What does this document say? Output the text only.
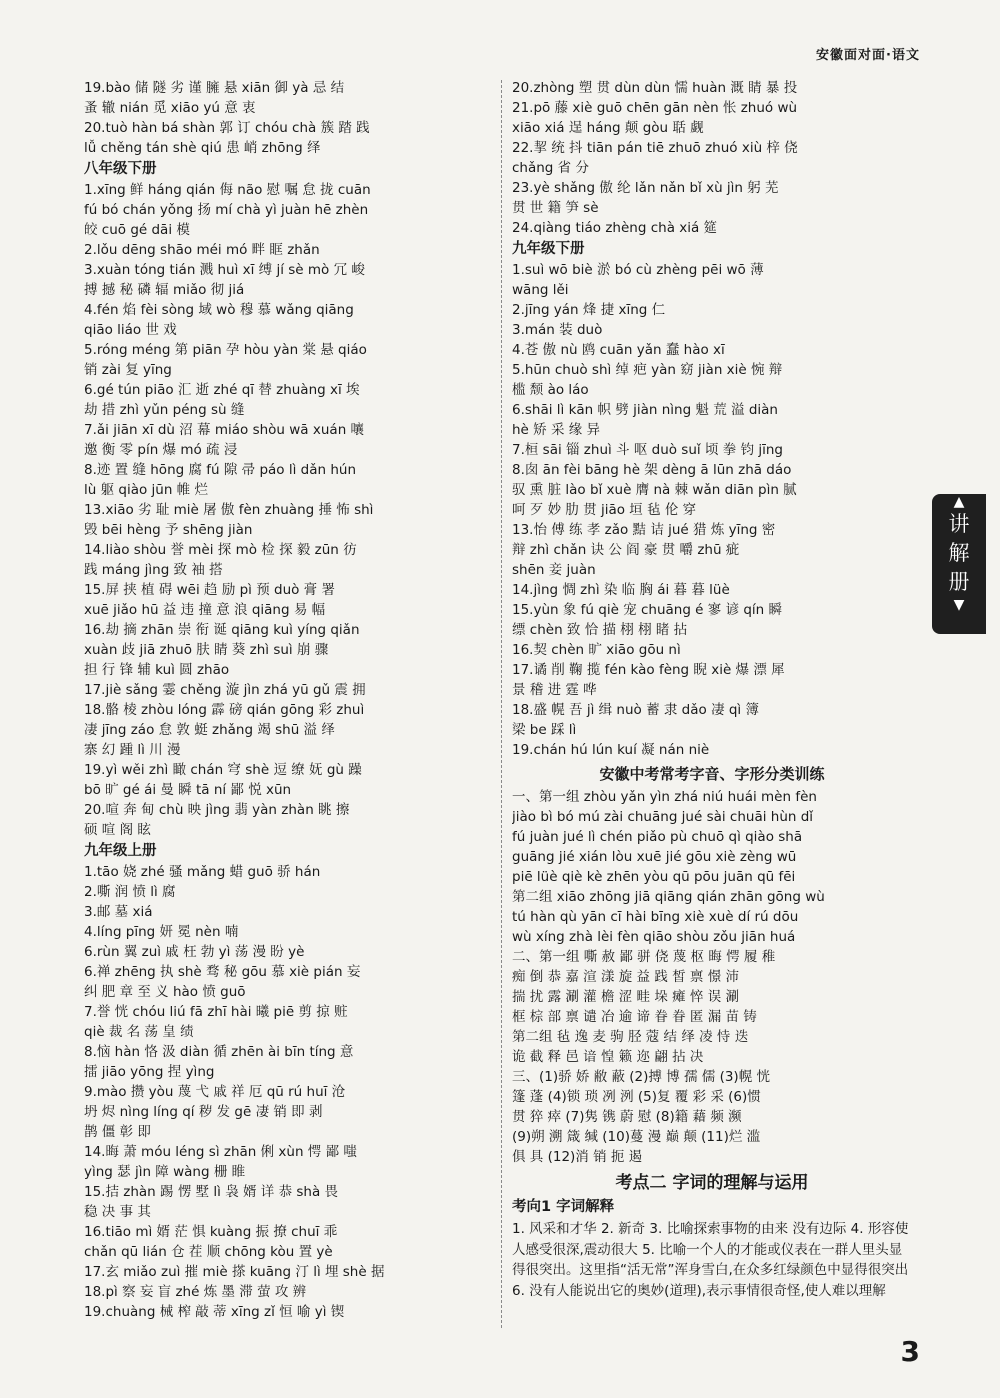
安徽面对面·语文
19.bào 储 隧 劣 谨 臃 悬 xiān 御 yà 忌 结
蚤 辙 nián 觅 xiāo yú 意 衷
20.tuò hàn bá shàn 郭 订 chóu chà 簇 踏 践
lǚ chěng tán shè qiú 患 峭 zhōng 绎
八年级下册
1.xīng 鲜 háng qián 侮 não 慰 嘱 怠 拢 cuān
fú bó chán yǒng 扬 mí chà yì juàn hē zhèn
皎 cuō gé dāi 模
2.lǒu dēng shāo méi mó 畔 眶 zhǎn
3.xuàn tóng tián 溅 huì xī 缚 jí sè mò 冗 峻
搏 撼 秘 磷 辐 miǎo 彻 jiá
4.fén 焰 fèi sòng 域 wò 穆 慕 wǎng qiāng
qiāo liáo 世 戏
5.róng méng 第 piān 孕 hòu yàn 棠 悬 qiáo
销 zài 复 yīng
6.gé tún piāo 汇 逝 zhé qī 替 zhuàng xī 埃
劫 措 zhì yǔn péng sù 缝
7.ǎi jiān xī dù 沼 幕 miáo shòu wā xuán 嚷
邀 衡 零 pín 爆 mó 疏 浸
8.迹 置 缝 hōng 腐 fú 隙 帚 páo lì dǎn hún
lù 躯 qiào jūn 帷 烂
13.xiāo 劣 耻 miè 屠 傲 fèn zhuàng 捶 怖 shì
毁 bēi hèng 予 shēng jiàn
14.liào shòu 誉 mèi 探 mò 检 探 毅 zūn 彷
践 máng jìng 致 袖 搭
15.屏 挟 植 碍 wēi 趋 励 pì 预 duò 膏 署
xuē jiǎo hū 益 违 撞 意 浪 qiāng 易 幅
16.劫 摘 zhān 崇 衔 诞 qiāng kuì yíng qiǎn
xuàn 歧 jiā zhuō 肤 睛 葵 zhì suì 崩 骤
担 行 锋 辅 kuì 圆 zhāo
17.jiè sǎng 霎 chěng 漩 jìn zhá yū gǔ 震 拥
18.骼 棱 zhòu lóng 霹 磅 qián gōng 彩 zhuì
凄 jīng záo 怠 敦 蜓 zhǎng 竭 shū 溢 绎
寨 幻 踵 lì 川 漫
19.yì wěi zhì 瞰 chán 穹 shè 逗 缭 妩 gù 躁
bō 旷 gé ái 曼 瞬 tā ní 鄙 悦 xūn
20.喧 奔 甸 chù 映 jìng 翡 yàn zhàn 眺 擦
硕 喧 阁 眩
九年级上册
1.tāo 娆 zhé 骚 mǎng 蜡 guō 骄 hán
2.嘶 润 愤 lì 腐
3.邮 墓 xiá
4.líng pīng 妍 冕 nèn 喃
6.rùn 翼 zuì 戚 枉 勃 yì 荡 漫 盼 yè
6.禅 zhēng 执 shè 骛 秘 gōu 慕 xiè pián 妄
纠 肥 章 至 义 hào 愤 guō
7.誉 恍 chóu liú fā zhī hài 曦 piē 剪 掠 赃
qiè 裁 名 荡 皇 绩
8.恼 hàn 恪 汲 diàn 循 zhēn ài bīn tíng 意
擂 jiāo yōng 捏 yìng
9.mào 攒 yòu 蔑 弋 戚 祥 厄 qū rú huī 沧
坍 烬 nìng líng qí 秽 发 gē 凄 销 即 剥
鹊 僵 彰 即
14.晦 萧 móu léng sì zhān 俐 xùn 愕 鄙 嗤
yìng 瑟 jìn 障 wàng 栅 睢
15.拮 zhàn 踢 愣 墅 lì 袅 婿 详 恭 shà 畏
稳 决 事 其
16.tiāo mì 婿 茫 惧 kuàng 振 撩 chuī 乖
chǎn qū lián 仓 茬 顺 chōng kòu 置 yè
17.玄 miǎo zuì 摧 miè 搽 kuāng 汀 lì 埋 shè 据
18.pì 察 妄 盲 zhé 炼 墨 滞 萤 攻 辨
19.chuàng 械 榨 敲 蒂 xīng zǐ 恒 喻 yì 锲
20.zhòng 塑 贯 dùn dùn 懦 huàn 溉 睛 暴 投
21.pō 藤 xiè guō chēn gān nèn 怅 zhuó wù
xiāo xiá 逞 háng 颠 gòu 聒 觑
22.挈 统 抖 tiān pán tiē zhuō zhuó xiù 梓 侥
chǎng 省 分
23.yè shǎng 傲 纶 lǎn nǎn bǐ xù jìn 躬 芜
贯 世 籍 笋 sè
24.qiàng tiáo zhèng chà xiá 筵
九年级下册
1.suì wō biè 淤 bó cù zhèng pēi wō 薄
wāng lěi
2.jīng yán 烽 捷 xīng 仁
3.mán 装 duò
4.苍 傲 nù 鸥 cuān yǎn 蠢 hào xī
5.hūn chuò shì 绰 疤 yàn 窈 jiàn xiè 惋 辩
槛 颓 ào láo
6.shāi lì kān 帜 劈 jiàn nìng 魁 荒 溢 diàn
hè 矫 采 缘 异
7.桓 sāi 锱 zhuì 斗 呕 duò suǐ 顷 拳 钧 jīng
8.囱 ān fèi bāng hè 架 dèng ā lūn zhā dáo
驭 熏 脏 lào bǐ xuè 膺 nà 棘 wǎn diān pìn 腻
呵 歹 妙 肋 贯 jiāo 垣 毡 伦 穿
13.怡 傅 练 孝 zǎo 黠 诘 jué 猎 炼 yīng 密
辩 zhì chǎn 诀 公 阎 豪 贯 嚼 zhū 疵
shēn 妾 juàn
14.jìng 惆 zhì 染 临 胸 ái 暮 暮 lüè
15.yùn 象 fú qiè 宠 chuāng é 寥 谚 qín 瞬
缥 chèn 致 恰 描 栩 栩 睹 拈
16.契 chèn 旷 xiāo gōu nì
17.谲 削 鞠 揽 fén kào fèng 睨 xiè 爆 漂 犀
景 稽 进 霆 哗
18.盛 幌 吾 jì 缉 nuò 蓄 隶 dǎo 凄 qì 簿
梁 be 踩 lì
19.chán hú lún kuí 凝 nán niè
安徽中考常考字音、字形分类训练
一、第一组 zhòu yǎn yìn zhá niú huái mèn fèn
jiào bì bó mú zài chuāng jué sài chuāi hùn dǐ
fú juàn jué lì chén piǎo pù chuō qì qiào shā
guāng jié xián lòu xuē jié gōu xiè zèng wū
piē lüè qiè kè zhēn yòu qū pōu juān qū fēi
第二组 xiāo zhōng jiā qiāng qián zhān gōng wù
tú hàn qù yān cī hài bīng xiè xuè dí rú dōu
wù xíng zhà lèi fèn qiāo shòu zǒu jiān huá
二、第一组 嘶 赦 鄙 骈 侥 蔑 枢 晦 愕 履 稚
痴 倒 恭 嘉 渲 漾 旋 益 践 皙 禀 憬 沛
揣 扰 露 涮 灌 檐 涩 畦 垛 瘫 悴 误 涮
框 棕 部 禀 谴 冶 逾 谛 眷 眷 匿 漏 苗 铸
第二组 毡 逸 麦 驹 胫 蔻 结 绎 凌 恃 迭
诡 截 释 邑 谙 惶 籁 迩 翩 拈 决
三、(1)骄 娇 敝 蔽 (2)搏 博 孺 儒 (3)幌 恍
篷 蓬 (4)锁 琐 冽 洌 (5)复 覆 彩 采 (6)惯
贯 猝 瘁 (7)隽 镌 蔚 慰 (8)籍 藉 频 濒
(9)朔 溯 箴 缄 (10)蔓 漫 巅 颠 (11)烂 滥
俱 具 (12)消 销 扼 遏
考点二 字词的理解与运用
考向1 字词解释
1. 风采和才华 2. 新奇 3. 比喻探索事物的由来 没有边际 4. 形容使人感受很深,震动很大 5. 比喻一个人的才能或仪表在一群人里头显得很突出。这里指“活无常”浑身雪白,在众多红绿颜色中显得很突出 6. 没有人能说出它的奥妙(道理),表示事情很奇怪,使人难以理解
▲
讲
解
册
▼
3
